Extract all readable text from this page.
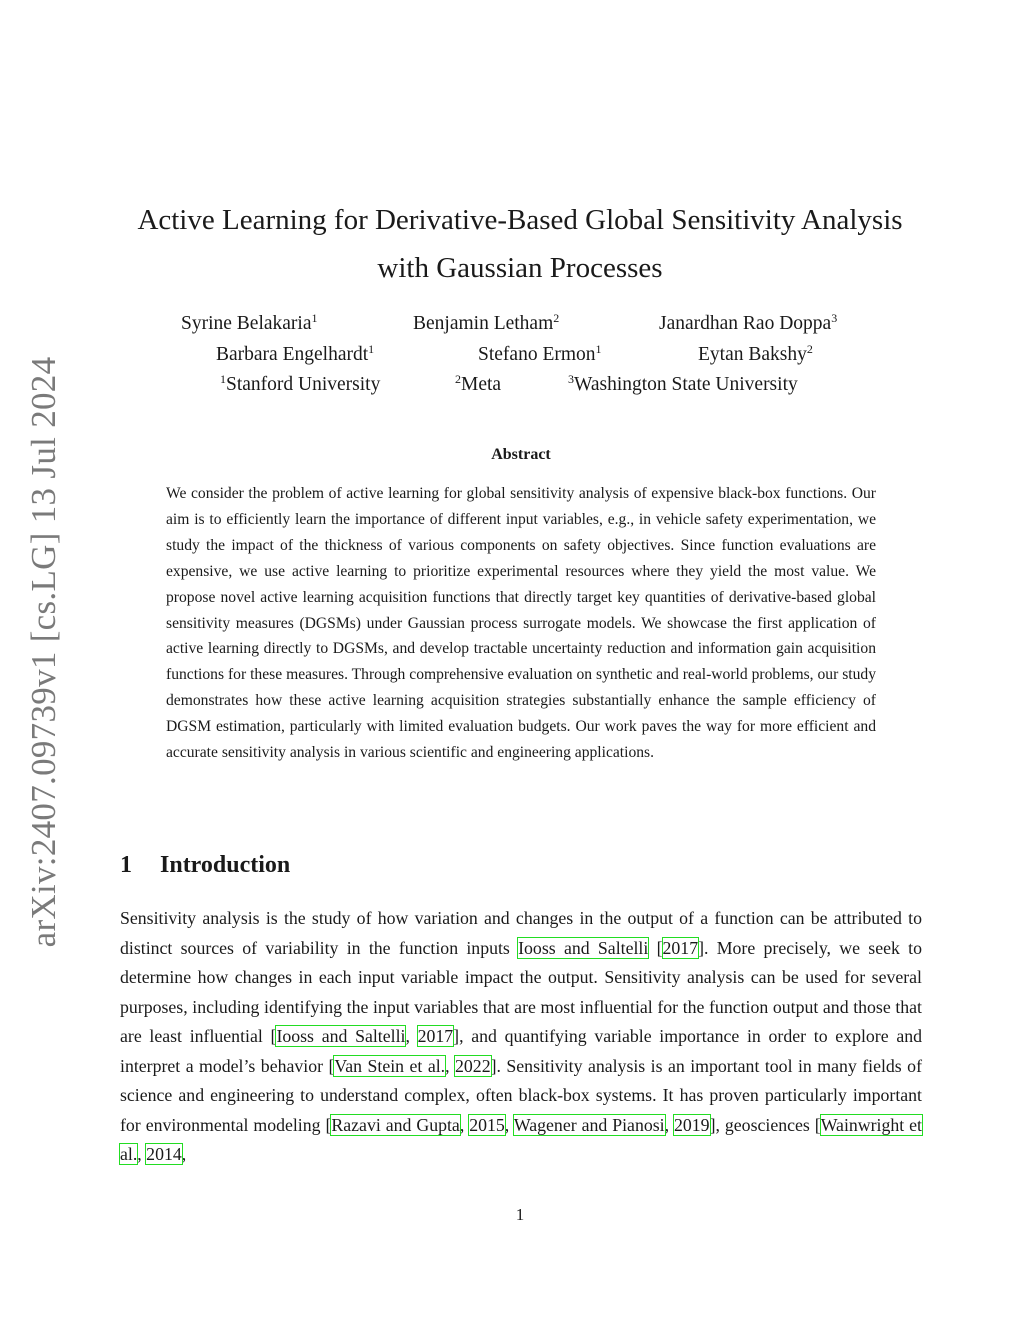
arXiv:2407.09739v1 [cs.LG] 13 Jul 2024
Active Learning for Derivative-Based Global Sensitivity Analysis
with Gaussian Processes
Syrine Belakaria$^1$	Benjamin Letham$^2$	Janardhan Rao Doppa$^3$
Barbara Engelhardt$^1$	Stefano Ermon$^1$	Eytan Bakshy$^2$
$^1$Stanford University	$^2$Meta	$^3$Washington State University
Abstract
We consider the problem of active learning for global sensitivity analysis of expensive black-box functions. Our aim is to efficiently learn the importance of different input variables, e.g., in vehicle safety experimentation, we study the impact of the thickness of various components on safety objectives. Since function evaluations are expensive, we use active learning to prioritize experimental resources where they yield the most value. We propose novel active learning acquisition functions that directly target key quantities of derivative-based global sensitivity measures (DGSMs) under Gaussian process surrogate models. We showcase the first application of active learning directly to DGSMs, and develop tractable uncertainty reduction and information gain acquisition functions for these measures. Through comprehensive evaluation on synthetic and real-world problems, our study demonstrates how these active learning acquisition strategies substantially enhance the sample efficiency of DGSM estimation, particularly with limited evaluation budgets. Our work paves the way for more efficient and accurate sensitivity analysis in various scientific and engineering applications.
1 Introduction
Sensitivity analysis is the study of how variation and changes in the output of a function can be attributed to distinct sources of variability in the function inputs Iooss and Saltelli [2017]. More precisely, we seek to determine how changes in each input variable impact the output. Sensitivity analysis can be used for several purposes, including identifying the input variables that are most influential for the function output and those that are least influential [Iooss and Saltelli, 2017], and quantifying variable importance in order to explore and interpret a model’s behavior [Van Stein et al., 2022]. Sensitivity analysis is an important tool in many fields of science and engineering to understand complex, often black-box systems. It has proven particularly important for environmental modeling [Razavi and Gupta, 2015, Wagener and Pianosi, 2019], geosciences [Wainwright et al., 2014,
1
